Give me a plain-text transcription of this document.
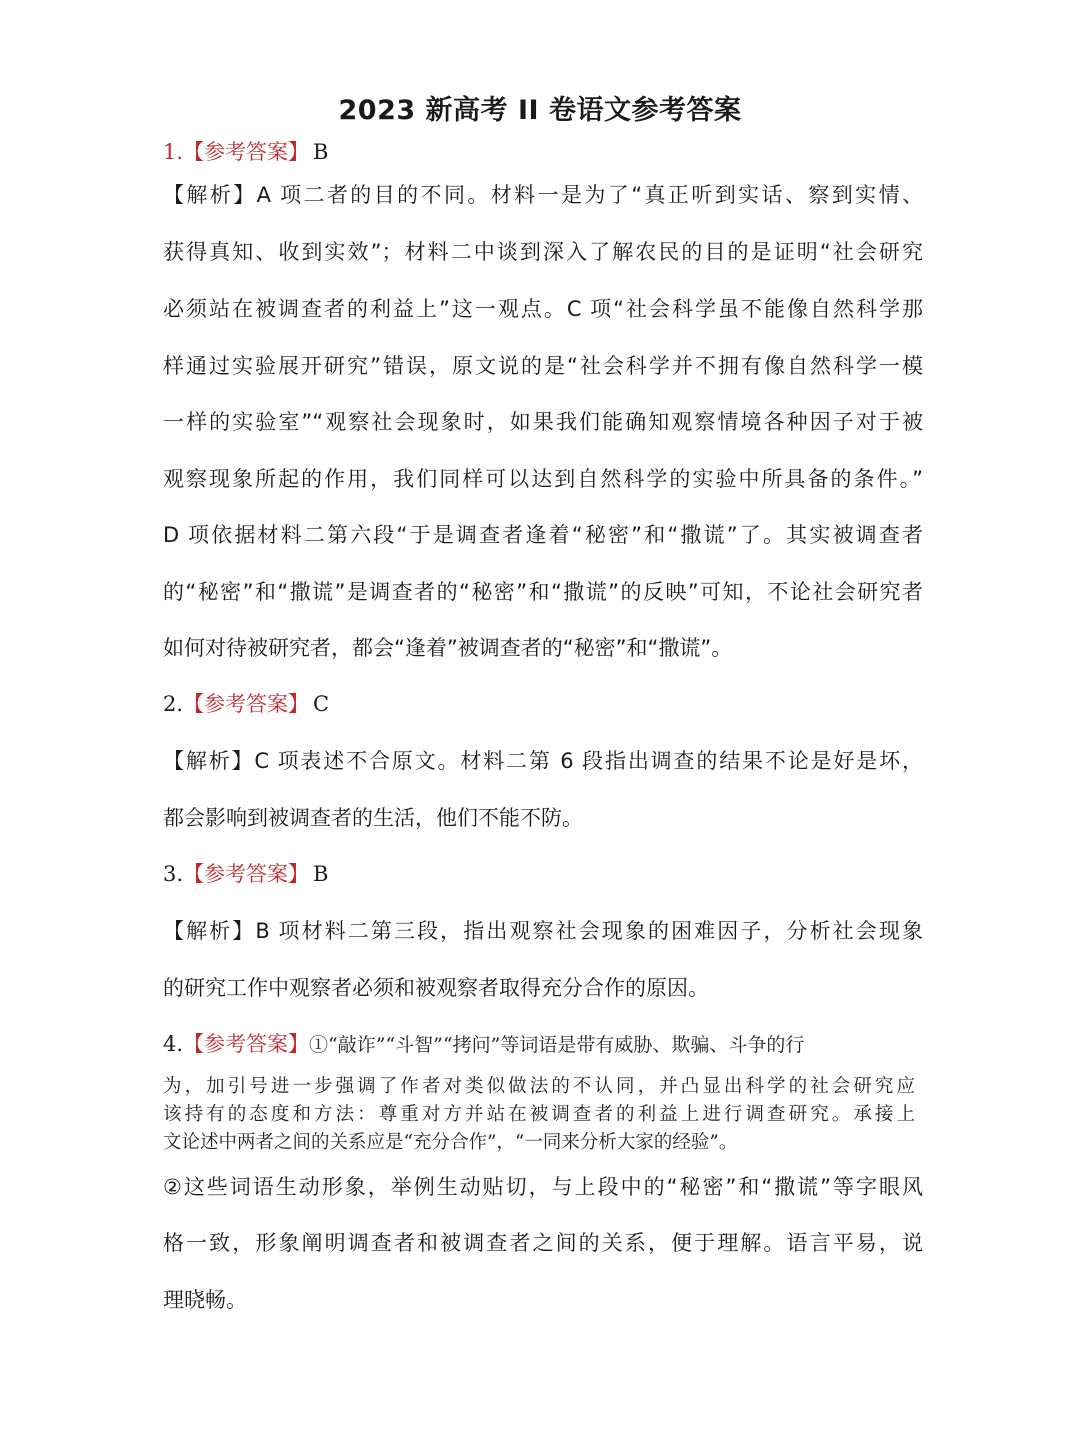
2023 新高考 II 卷语文参考答案
1.【参考答案】 B
【解析】A 项二者的目的不同。材料一是为了“真正听到实话、察到实情、
获得真知、收到实效”；材料二中谈到深入了解农民的目的是证明“社会研究
必须站在被调查者的利益上”这一观点。C 项“社会科学虽不能像自然科学那
样通过实验展开研究”错误，原文说的是“社会科学并不拥有像自然科学一模
一样的实验室”“观察社会现象时，如果我们能确知观察情境各种因子对于被
观察现象所起的作用，我们同样可以达到自然科学的实验中所具备的条件。”
D 项依据材料二第六段“于是调查者逢着“秘密”和“撒谎”了。其实被调查者
的“秘密”和“撒谎”是调查者的“秘密”和“撒谎”的反映”可知，不论社会研究者
如何对待被研究者，都会“逢着”被调查者的“秘密”和“撒谎”。
2.【参考答案】 C
【解析】C 项表述不合原文。材料二第 6 段指出调查的结果不论是好是坏，
都会影响到被调查者的生活，他们不能不防。
3.【参考答案】 B
【解析】B 项材料二第三段，指出观察社会现象的困难因子，分析社会现象
的研究工作中观察者必须和被观察者取得充分合作的原因。
4.【参考答案】①“敲诈”“斗智”“拷问”等词语是带有威胁、欺骗、斗争的行
为，加引号进一步强调了作者对类似做法的不认同，并凸显出科学的社会研究应
该持有的态度和方法：尊重对方并站在被调查者的利益上进行调查研究。承接上
文论述中两者之间的关系应是“充分合作”，“一同来分析大家的经验”。
②这些词语生动形象，举例生动贴切，与上段中的“秘密”和“撒谎”等字眼风
格一致，形象阐明调查者和被调查者之间的关系，便于理解。语言平易，说
理晓畅。
